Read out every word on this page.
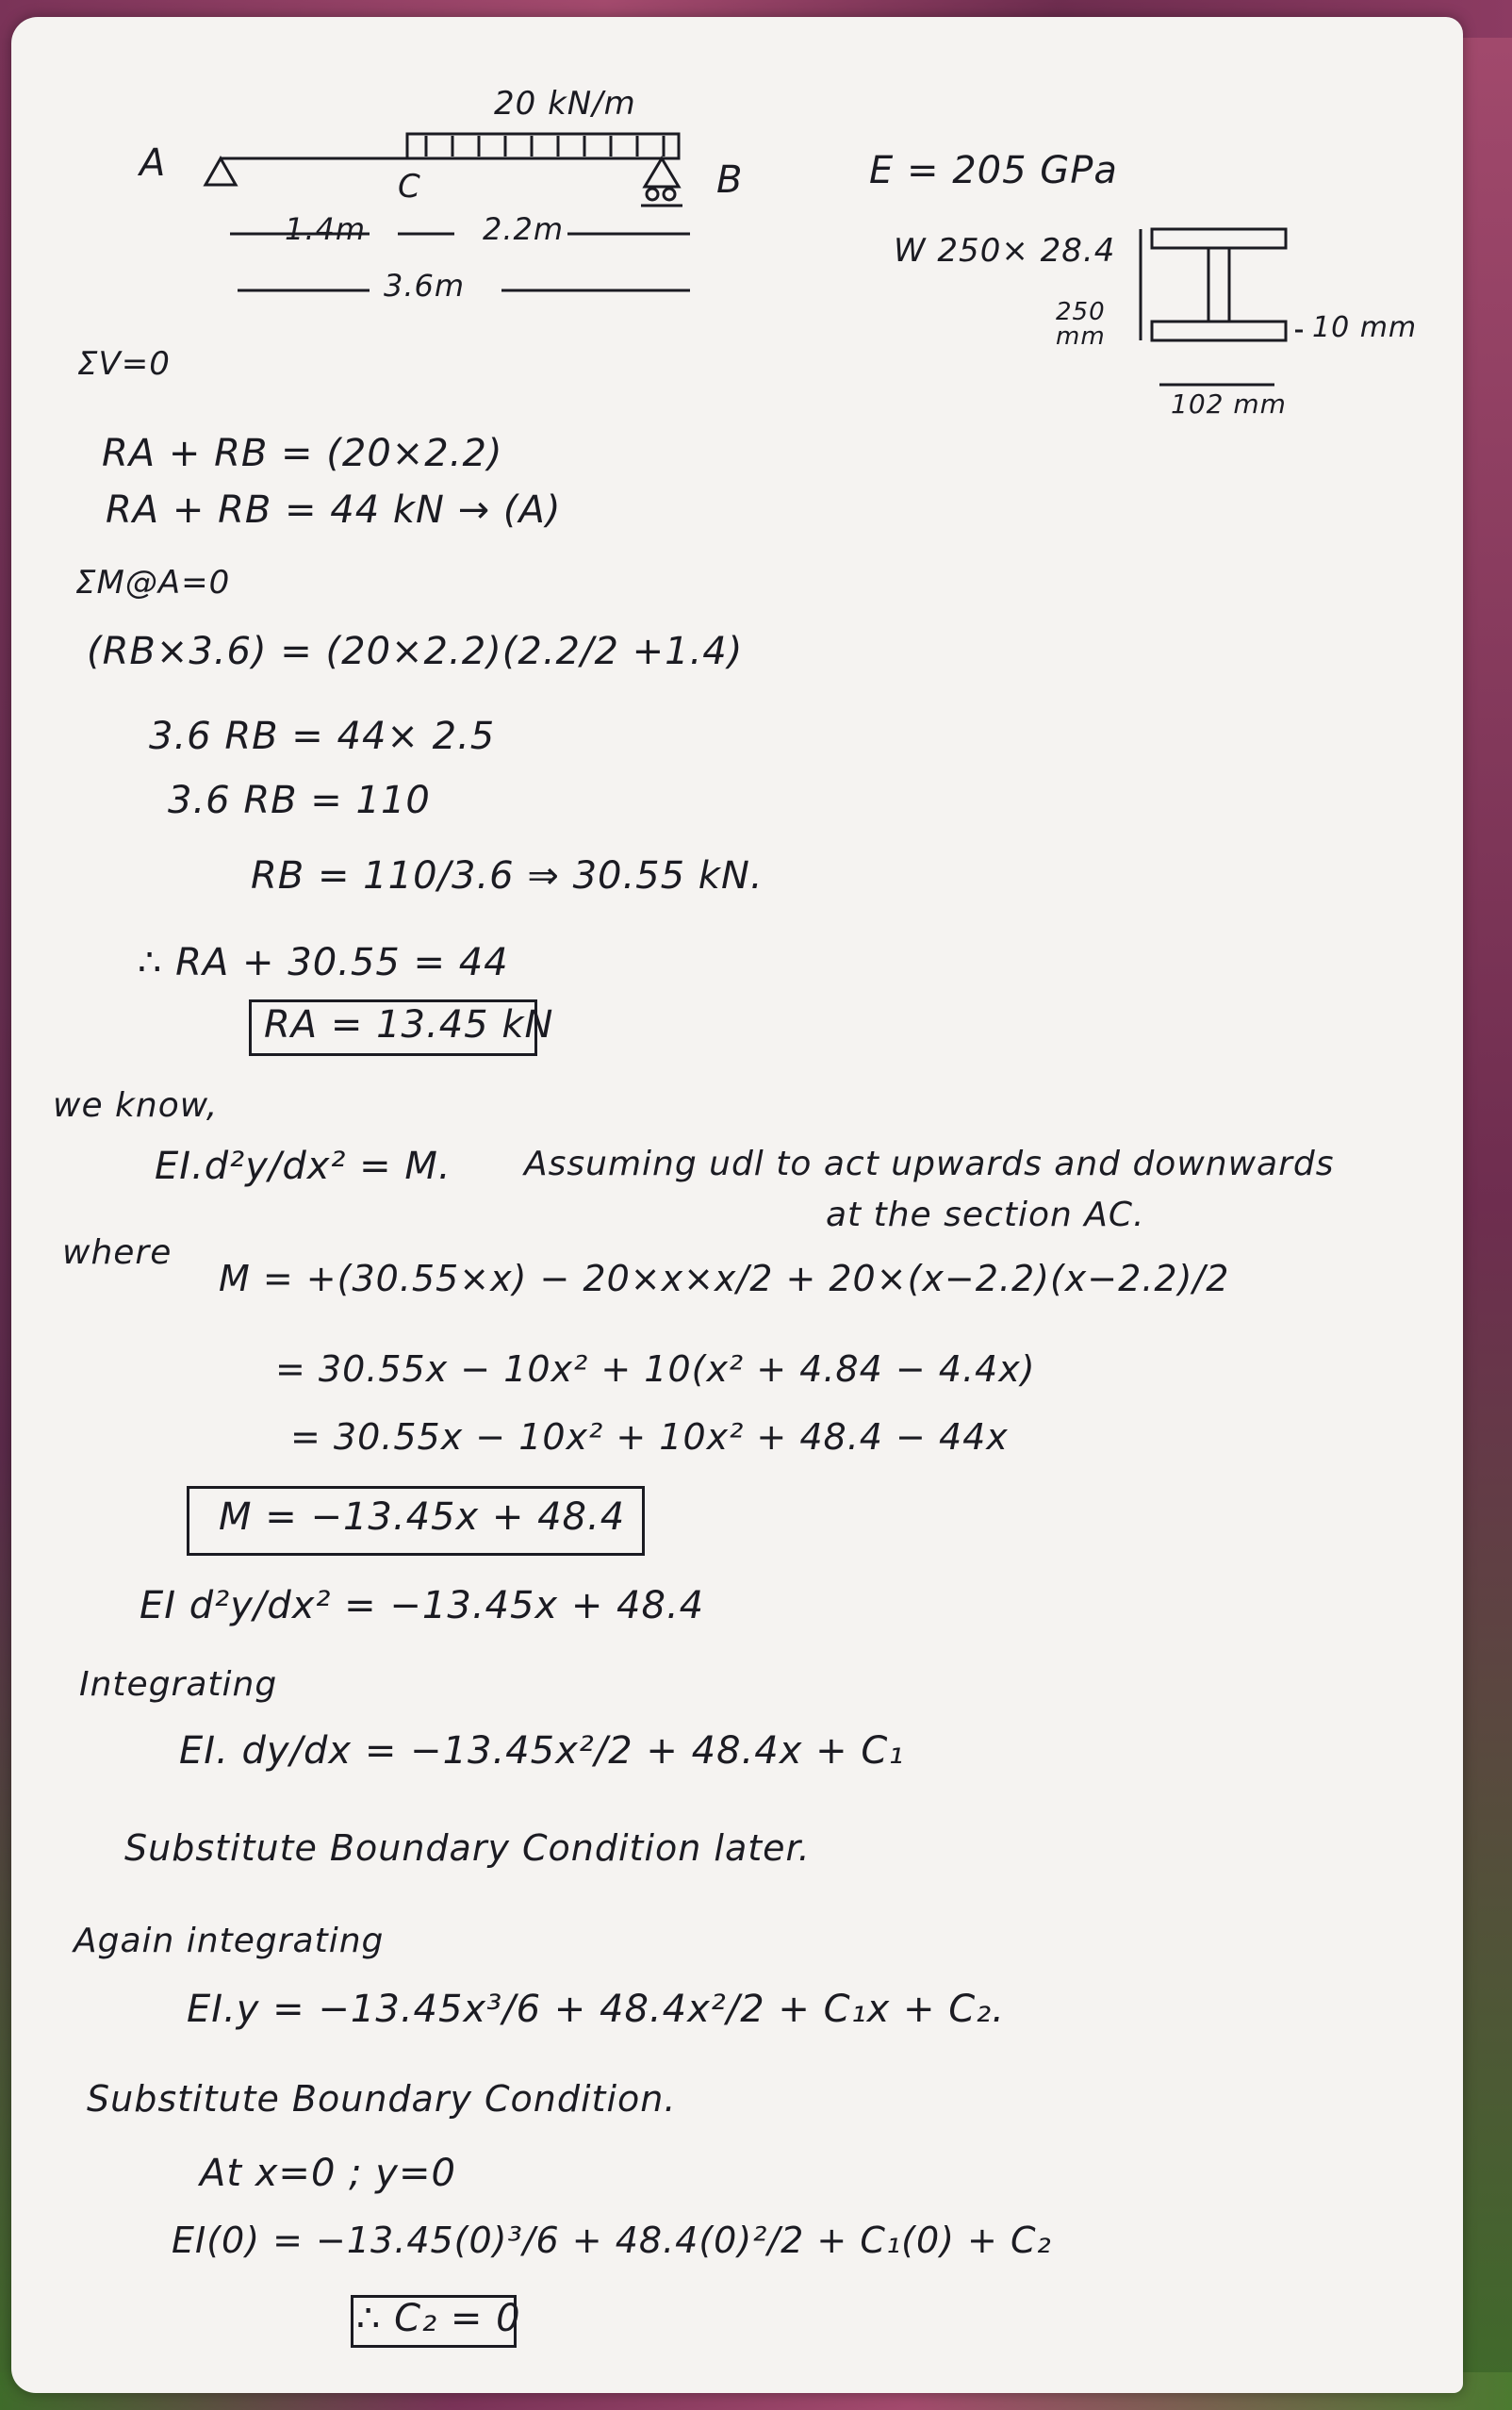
20 kN/m
A
C	B
1.4m	2.2m
3.6m
E = 205 GPa
W 250× 28.4
250 mm	10 mm
102 mm
ΣV=0
RA + RB = (20×2.2)
RA + RB = 44 kN → (A)
ΣM@A=0
(RB×3.6) = (20×2.2)(2.2/2 +1.4)
3.6 RB = 44× 2.5
3.6 RB = 110
RB = 110/3.6 ⇒ 30.55 kN.
∴ RA + 30.55 = 44
RA = 13.45 kN
we know,
EI.d²y/dx² = M. Assuming udl to act upwards and downwards
at the section AC.
where
M = +(30.55×x) − 20×x×x/2 + 20×(x−2.2)(x−2.2)/2
= 30.55x − 10x² + 10(x² + 4.84 − 4.4x)
= 30.55x − 10x² + 10x² + 48.4 − 44x
M = −13.45x + 48.4
EI d²y/dx² = −13.45x + 48.4
Integrating
EI. dy/dx = −13.45x²/2 + 48.4x + C₁
Substitute Boundary Condition later.
Again integrating
EI.y = −13.45x³/6 + 48.4x²/2 + C₁x + C₂.
Substitute Boundary Condition.
At x=0 ; y=0
EI(0) = −13.45(0)³/6 + 48.4(0)²/2 + C₁(0) + C₂
∴ C₂ = 0
